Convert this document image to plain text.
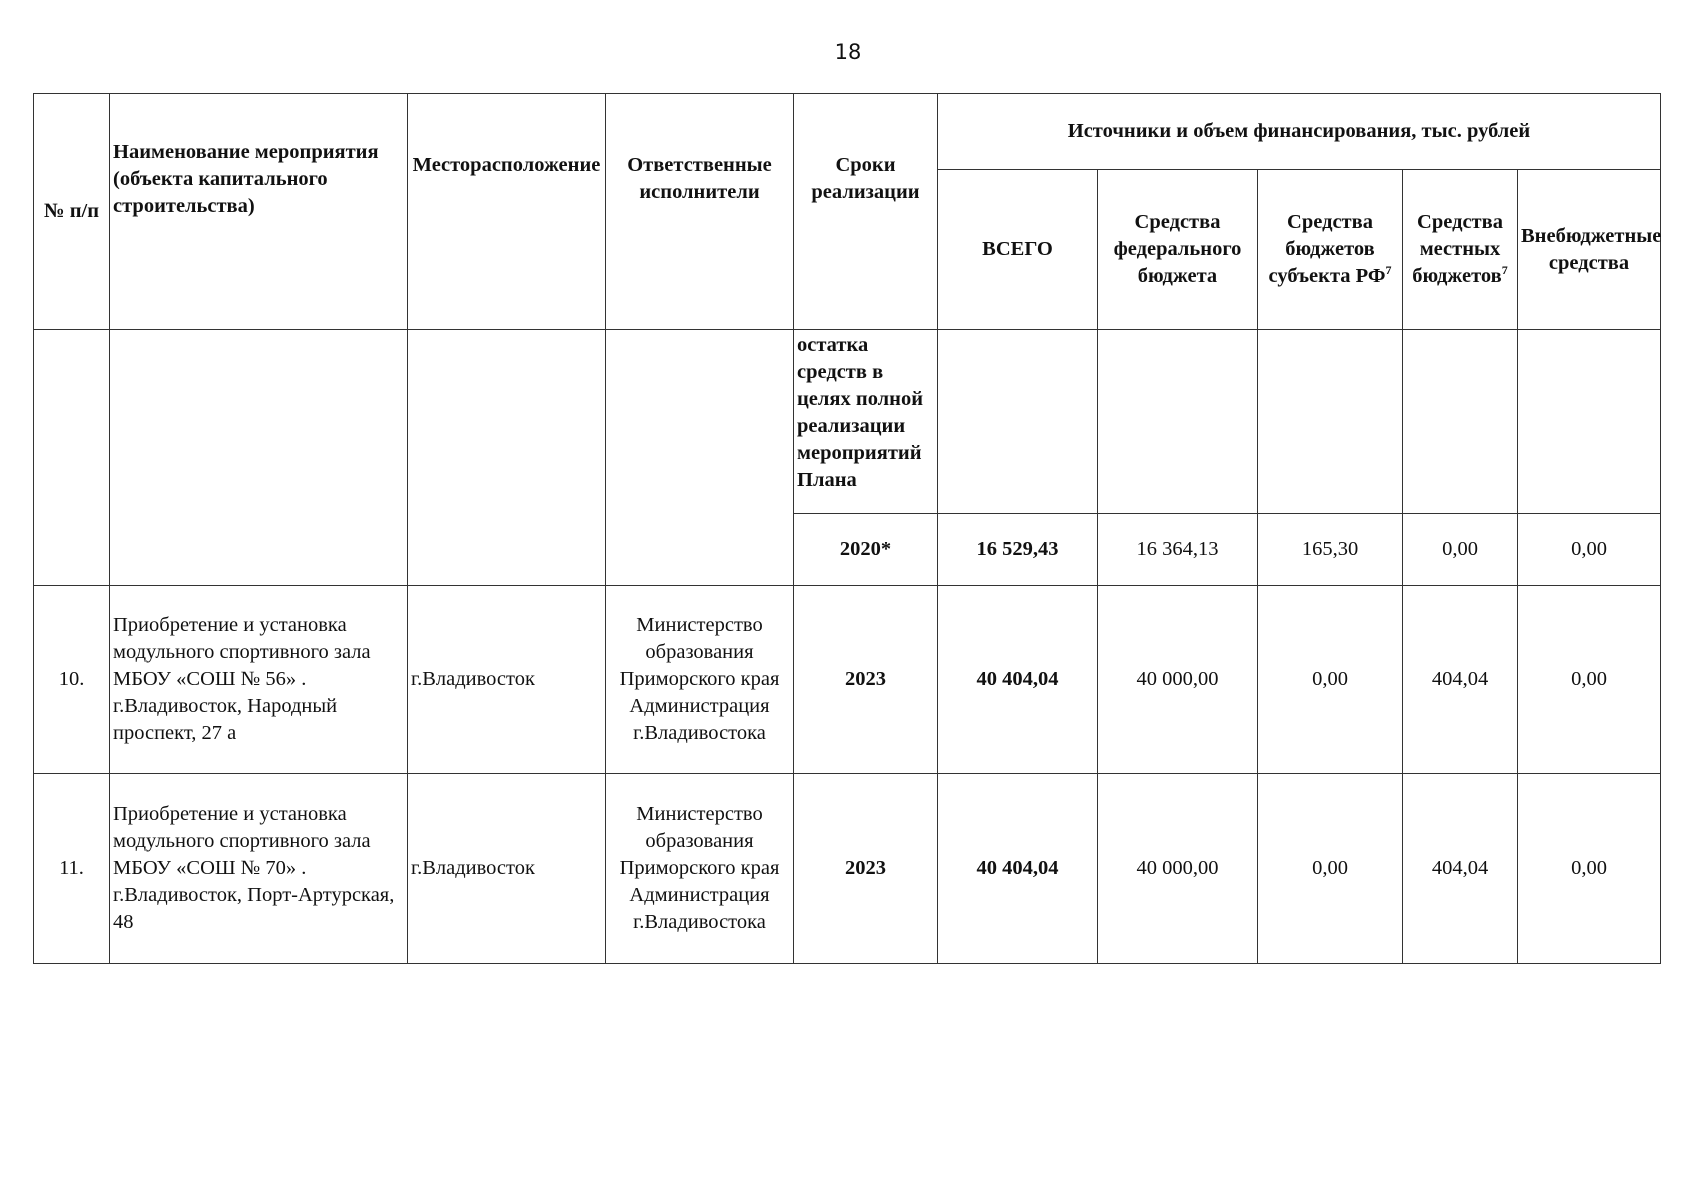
18
№ п/п	Наименование мероприятия (объекта капитального строительства)	Месторасположение	Ответственные исполнители	Сроки реализации	Источники и объем финансирования, тыс. рублей				
					ВСЕГО	Средства федерального бюджета	Средства бюджетов субъекта $РФ^7$	Средства местных бюджетов$^7$	Внебюджетные средства
				остатка средств в целях полной реализации мероприятий Плана					
				2020*	16 529,43	16 364,13	165,30	0,00	0,00
10.	Приобретение и установка модульного спортивного зала МБОУ «СОШ № 56» . г.Владивосток, Народный проспект, 27 а	г.Владивосток	Министерство образования Приморского края Администрация г.Владивостока	2023	40 404,04	40 000,00	0,00	404,04	0,00
11.	Приобретение и установка модульного спортивного зала МБОУ «СОШ № 70» . г.Владивосток, Порт-Артурская, 48	г.Владивосток	Министерство образования Приморского края Администрация г.Владивостока	2023	40 404,04	40 000,00	0,00	404,04	0,00
